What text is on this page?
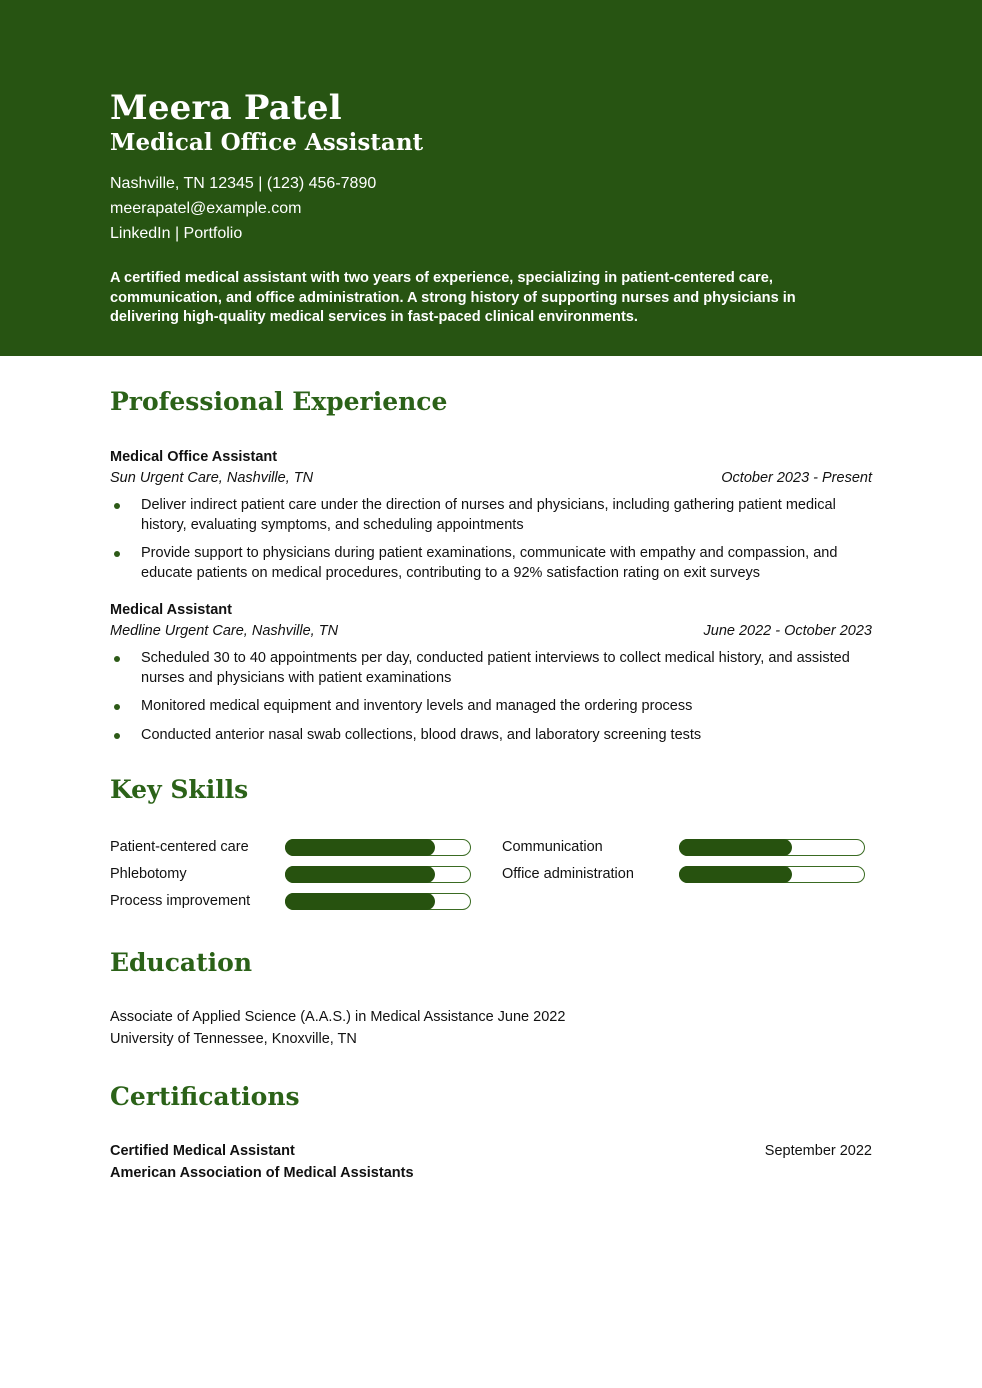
Meera Patel
Medical Office Assistant
Nashville, TN 12345 | (123) 456-7890
meerapatel@example.com
LinkedIn | Portfolio
A certified medical assistant with two years of experience, specializing in patient-centered care, communication, and office administration. A strong history of supporting nurses and physicians in delivering high-quality medical services in fast-paced clinical environments.
Professional Experience
Medical Office Assistant
Sun Urgent Care, Nashville, TN	October 2023 - Present
Deliver indirect patient care under the direction of nurses and physicians, including gathering patient medical history, evaluating symptoms, and scheduling appointments
Provide support to physicians during patient examinations, communicate with empathy and compassion, and educate patients on medical procedures, contributing to a 92% satisfaction rating on exit surveys
Medical Assistant
Medline Urgent Care, Nashville, TN	June 2022 - October 2023
Scheduled 30 to 40 appointments per day, conducted patient interviews to collect medical history, and assisted nurses and physicians with patient examinations
Monitored medical equipment and inventory levels and managed the ordering process
Conducted anterior nasal swab collections, blood draws, and laboratory screening tests
Key Skills
Patient-centered care	Communication
Phlebotomy	Office administration
Process improvement
Education
Associate of Applied Science (A.A.S.) in Medical Assistance June 2022
University of Tennessee, Knoxville, TN
Certifications
Certified Medical Assistant	September 2022
American Association of Medical Assistants
